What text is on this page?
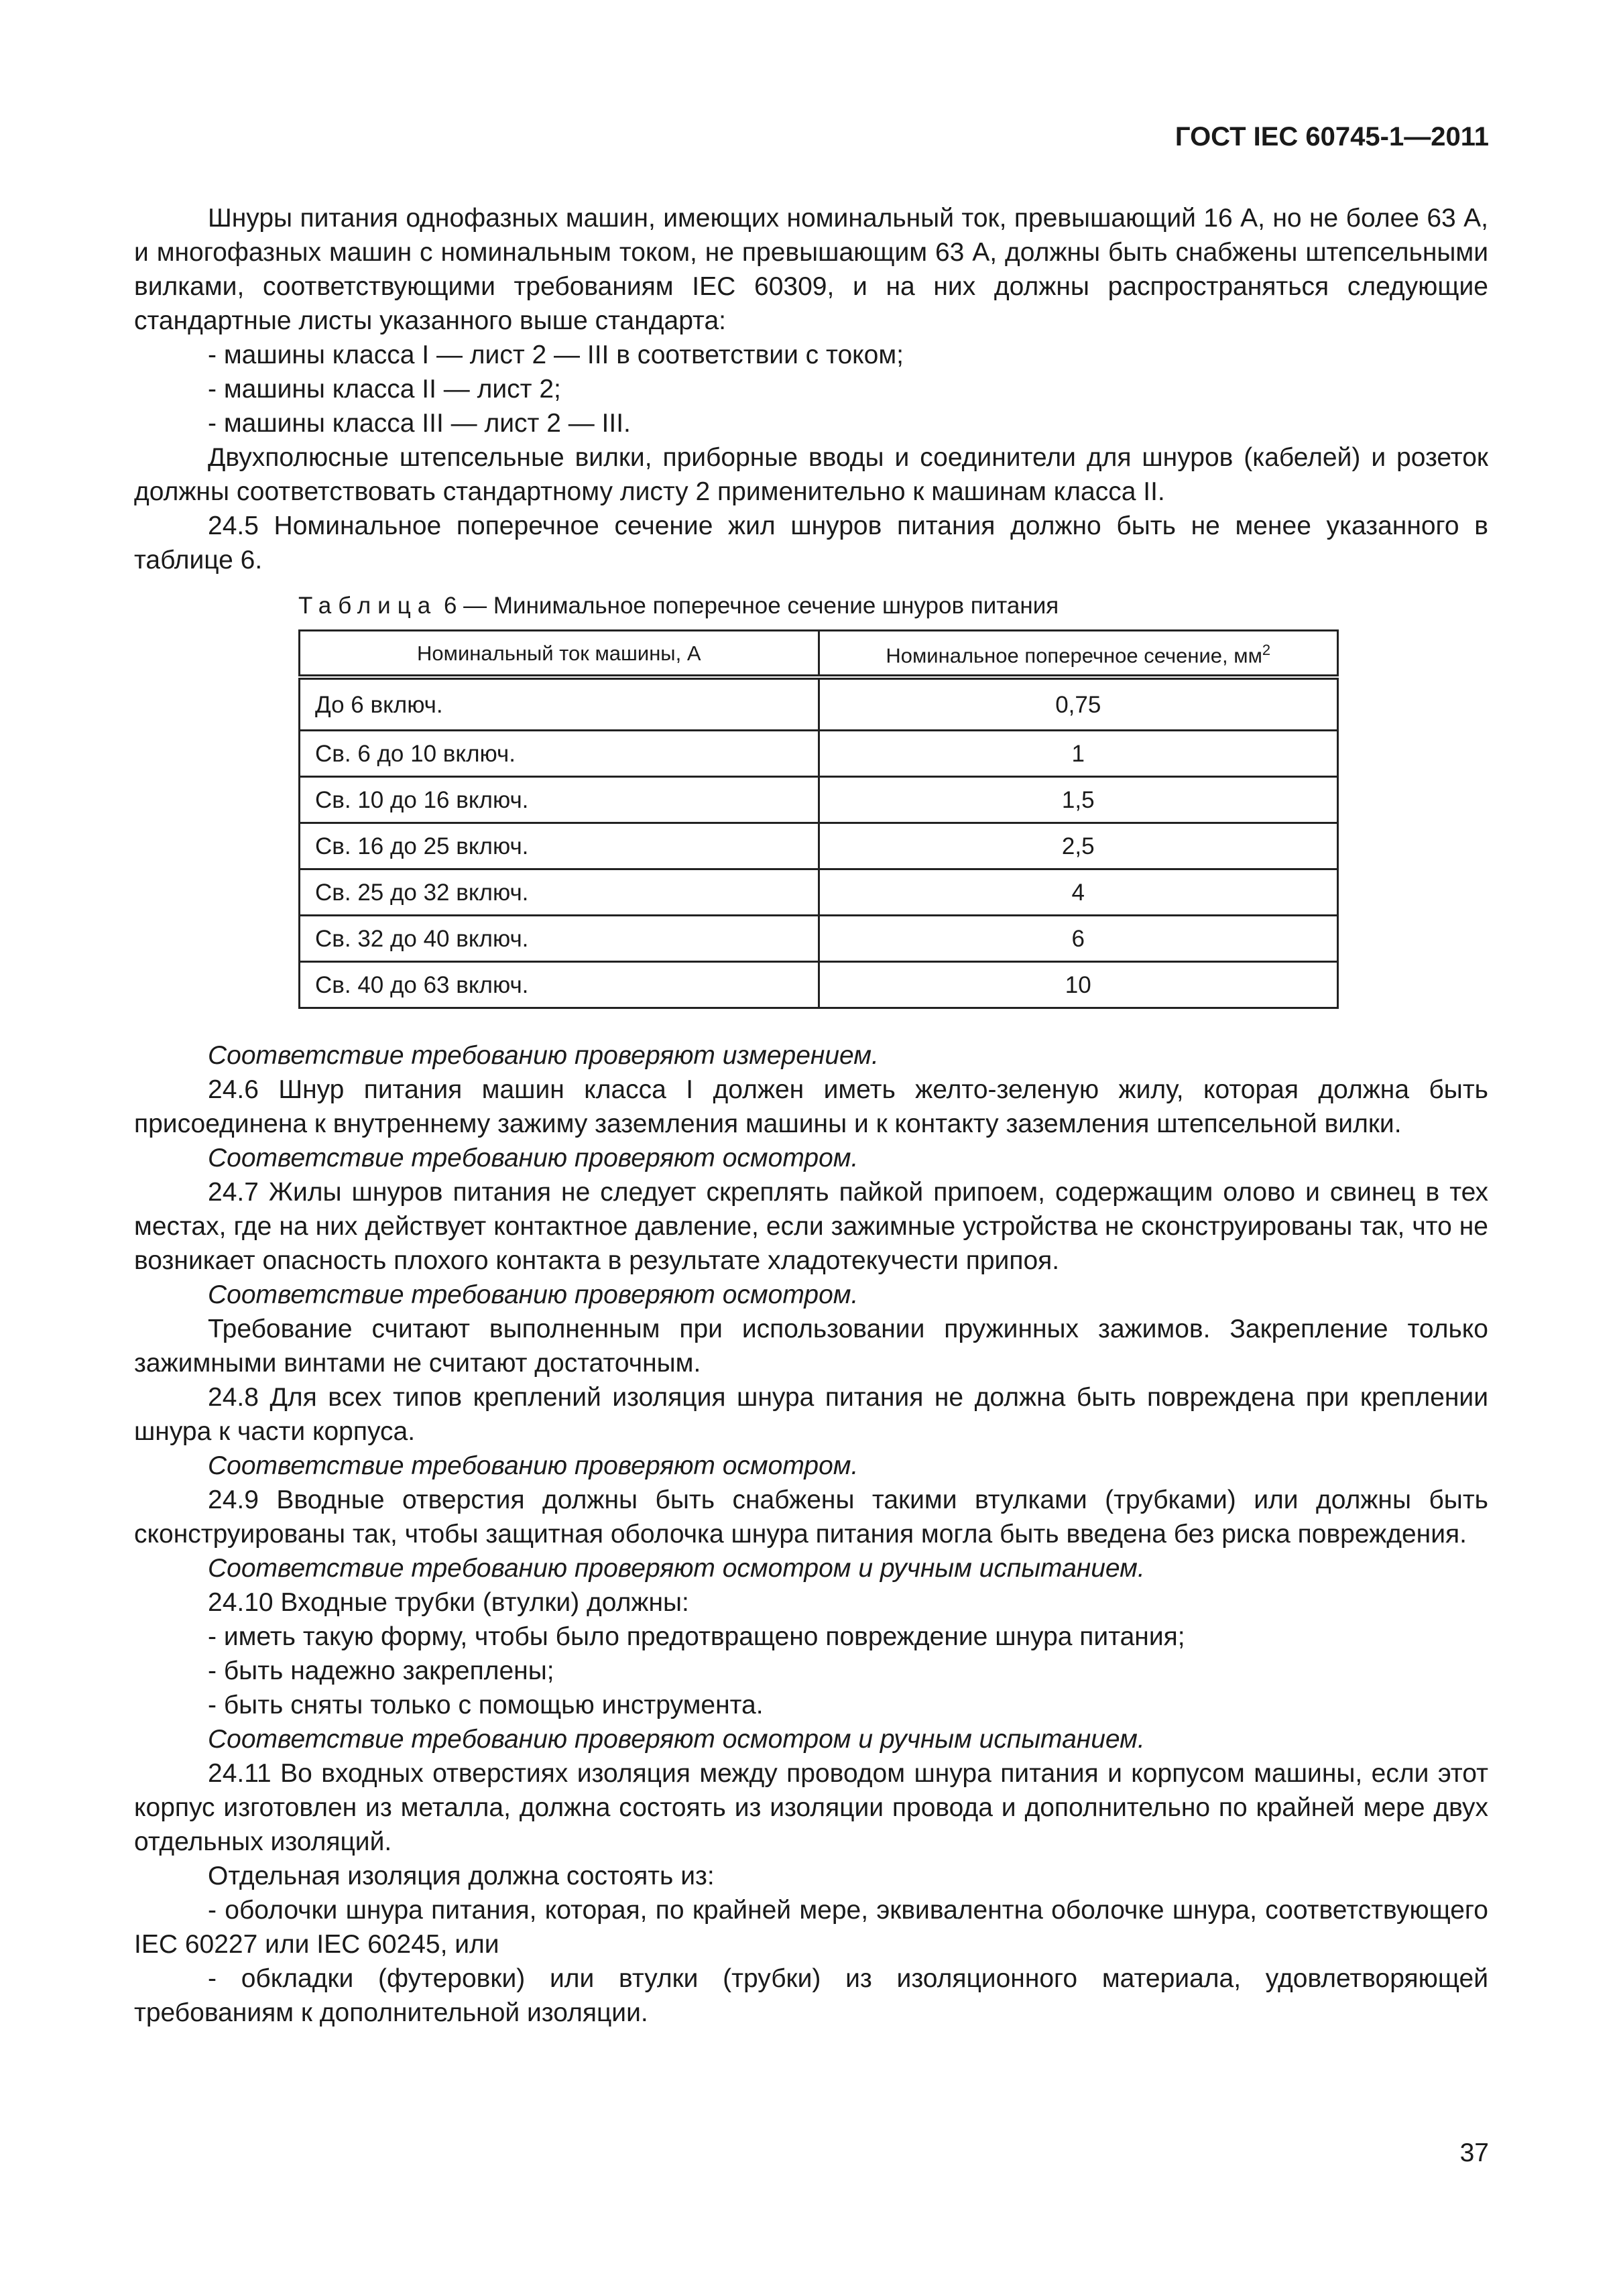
ГОСТ IEC 60745-1—2011

Шнуры питания однофазных машин, имеющих номинальный ток, превышающий 16 А, но не более 63 А, и многофазных машин с номинальным током, не превышающим 63 А, должны быть снабжены штепсельными вилками, соответствующими требованиям IEC 60309, и на них должны распространяться следующие стандартные листы указанного выше стандарта:

- машины класса I — лист 2 — III в соответствии с током;

- машины класса II — лист 2;

- машины класса III — лист 2 — III.

Двухполюсные штепсельные вилки, приборные вводы и соединители для шнуров (кабелей) и розеток должны соответствовать стандартному листу 2 применительно к машинам класса II.

24.5 Номинальное поперечное сечение жил шнуров питания должно быть не менее указанного в таблице 6.

Таблица 6 — Минимальное поперечное сечение шнуров питания
Номинальный ток машины, А	Номинальное поперечное сечение, $мм^2$
До 6 включ.	0,75
Св. 6 до 10 включ.	1
Св. 10 до 16 включ.	1,5
Св. 16 до 25 включ.	2,5
Св. 25 до 32 включ.	4
Св. 32 до 40 включ.	6
Св. 40 до 63 включ.	10

Соответствие требованию проверяют измерением.

24.6 Шнур питания машин класса I должен иметь желто-зеленую жилу, которая должна быть присоединена к внутреннему зажиму заземления машины и к контакту заземления штепсельной вилки.

Соответствие требованию проверяют осмотром.

24.7 Жилы шнуров питания не следует скреплять пайкой припоем, содержащим олово и свинец в тех местах, где на них действует контактное давление, если зажимные устройства не сконструированы так, что не возникает опасность плохого контакта в результате хладотекучести припоя.

Соответствие требованию проверяют осмотром.

Требование считают выполненным при использовании пружинных зажимов. Закрепление только зажимными винтами не считают достаточным.

24.8 Для всех типов креплений изоляция шнура питания не должна быть повреждена при креплении шнура к части корпуса.

Соответствие требованию проверяют осмотром.

24.9 Вводные отверстия должны быть снабжены такими втулками (трубками) или должны быть сконструированы так, чтобы защитная оболочка шнура питания могла быть введена без риска повреждения.

Соответствие требованию проверяют осмотром и ручным испытанием.

24.10 Входные трубки (втулки) должны:

- иметь такую форму, чтобы было предотвращено повреждение шнура питания;

- быть надежно закреплены;

- быть сняты только с помощью инструмента.

Соответствие требованию проверяют осмотром и ручным испытанием.

24.11 Во входных отверстиях изоляция между проводом шнура питания и корпусом машины, если этот корпус изготовлен из металла, должна состоять из изоляции провода и дополнительно по крайней мере двух отдельных изоляций.

Отдельная изоляция должна состоять из:

- оболочки шнура питания, которая, по крайней мере, эквивалентна оболочке шнура, соответствующего IEC 60227 или IEC 60245, или

- обкладки (футеровки) или втулки (трубки) из изоляционного материала, удовлетворяющей требованиям к дополнительной изоляции.

37
